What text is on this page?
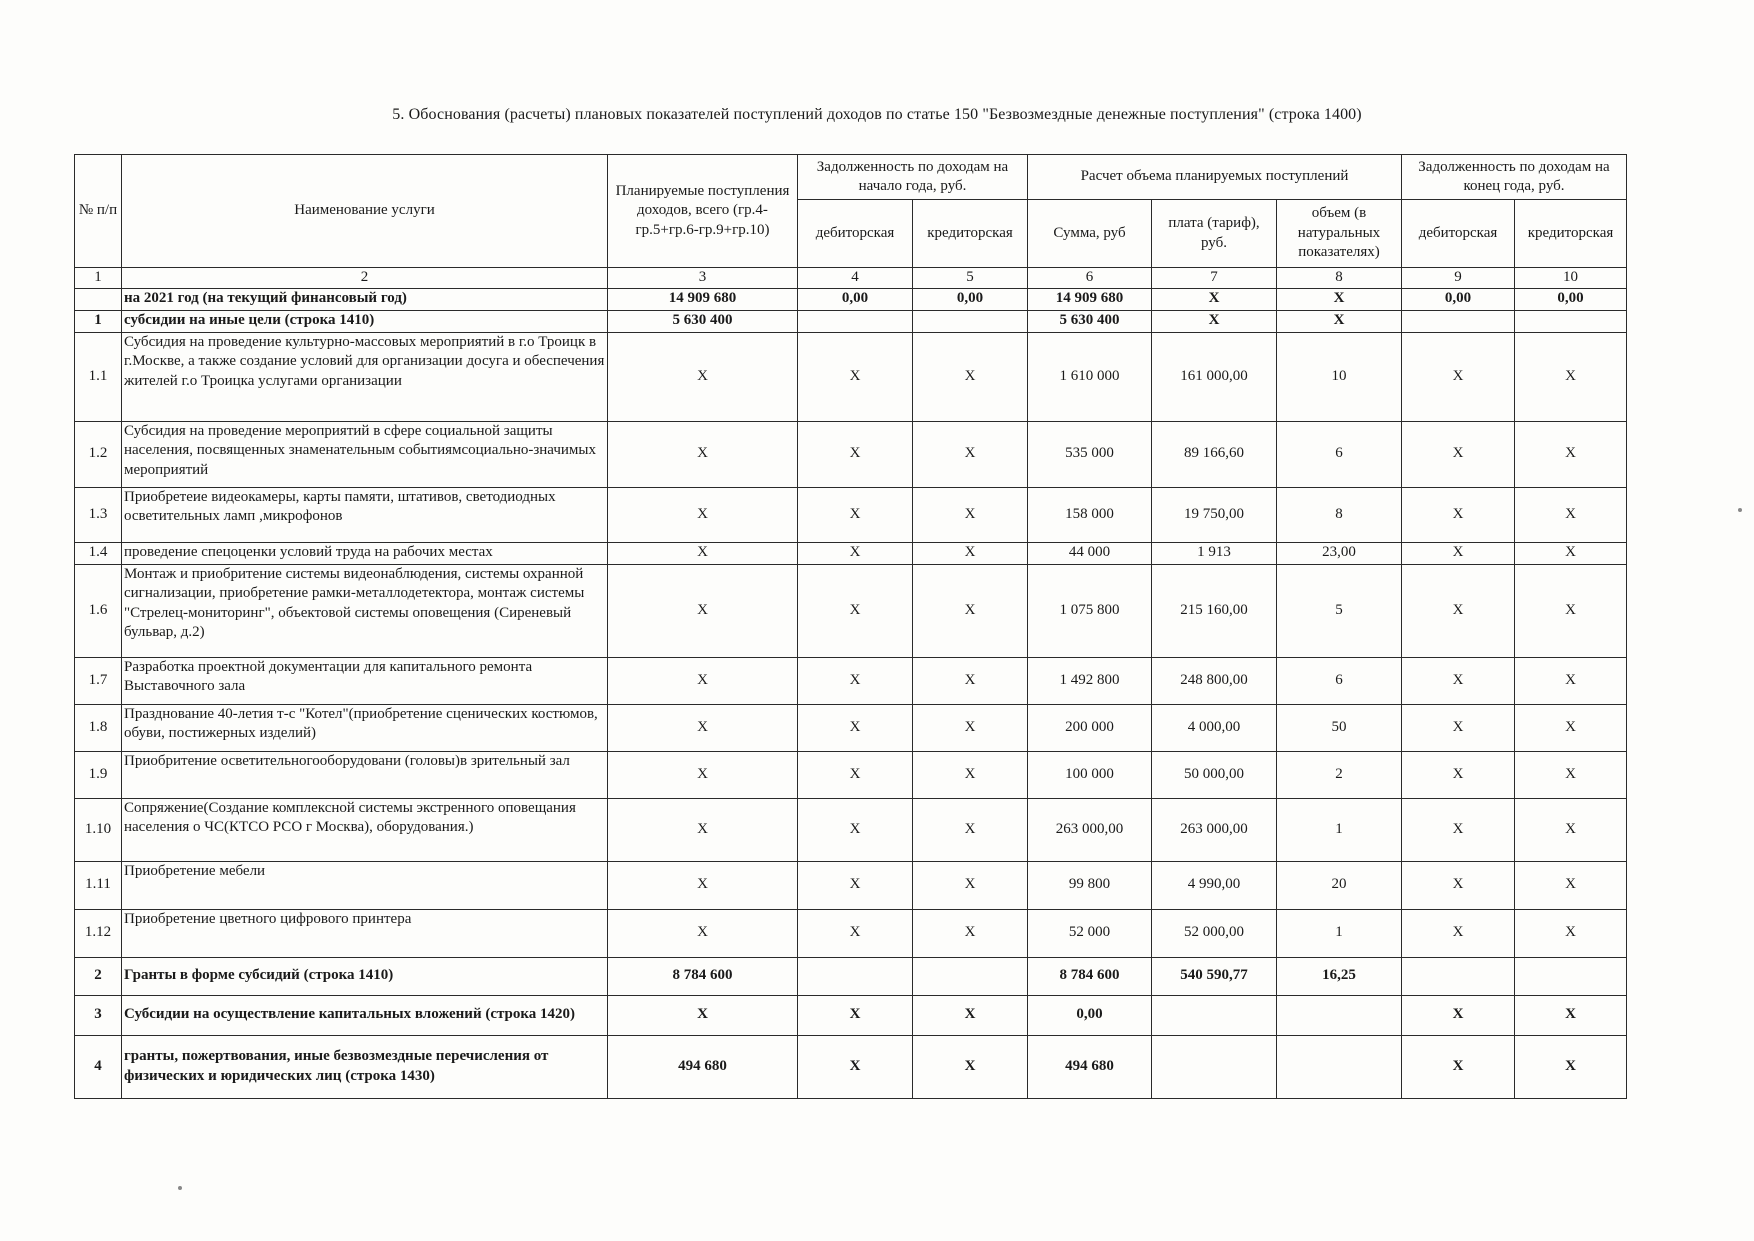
5. Обоснования (расчеты) плановых показателей поступлений доходов по статье 150 "Безвозмездные денежные поступления" (строка 1400)
№ п/п	Наименование услуги	Планируемые поступления доходов, всего (гр.4-гр.5+гр.6-гр.9+гр.10)	Задолженность по доходам на начало года, руб.		Расчет объема планируемых поступлений			Задолженность по доходам на конец года, руб.	
			дебиторская	кредиторская	Сумма, руб	плата (тариф), руб.	объем (в натуральных показателях)	дебиторская	кредиторская
1	2	3	4	5	6	7	8	9	10
	на 2021 год (на текущий финансовый год)	14 909 680	0,00	0,00	14 909 680	Х	Х	0,00	0,00
1	субсидии на иные цели (строка 1410)	5 630 400			5 630 400	Х	Х		
1.1	Субсидия на проведение культурно-массовых мероприятий в г.о Троицк в г.Москве, а также создание условий для организации досуга и обеспечения жителей г.о Троицка услугами организации	Х	Х	Х	1 610 000	161 000,00	10	Х	Х
1.2	Субсидия на проведение мероприятий в сфере социальной защиты населения, посвященных знаменательным событиямсоциально-значимых мероприятий	Х	Х	Х	535 000	89 166,60	6	Х	Х
1.3	Приобретеие видеокамеры, карты памяти, штативов, светодиодных осветительных ламп ,микрофонов	Х	Х	Х	158 000	19 750,00	8	Х	Х
1.4	проведение спецоценки условий труда на рабочих местах	Х	Х	Х	44 000	1 913	23,00	Х	Х
1.6	Монтаж и приобритение системы видеонаблюдения, системы охранной сигнализации, приобретение рамки-металлодетектора, монтаж системы "Стрелец-мониторинг", объектовой системы оповещения (Сиреневый бульвар, д.2)	Х	Х	Х	1 075 800	215 160,00	5	Х	Х
1.7	Разработка проектной документации для капитального ремонта Выставочного зала	Х	Х	Х	1 492 800	248 800,00	6	Х	Х
1.8	Празднование 40-летия т-с "Котел"(приобретение сценических костюмов, обуви, постижерных изделий)	Х	Х	Х	200 000	4 000,00	50	Х	Х
1.9	Приобритение осветительногооборудовани (головы)в зрительный зал	Х	Х	Х	100 000	50 000,00	2	Х	Х
1.10	Сопряжение(Создание комплексной системы экстренного оповещания населения о ЧС(КТСО РСО г Москва), оборудования.)	Х	Х	Х	263 000,00	263 000,00	1	Х	Х
1.11	Приобретение мебели	Х	Х	Х	99 800	4 990,00	20	Х	Х
1.12	Приобретение цветного цифрового принтера	Х	Х	Х	52 000	52 000,00	1	Х	Х
2	Гранты в форме субсидий (строка 1410)	8 784 600			8 784 600	540 590,77	16,25		
3	Субсидии на осуществление капитальных вложений (строка 1420)	Х	Х	Х	0,00			Х	Х
4	гранты, пожертвования, иные безвозмездные перечисления от физических и юридических лиц (строка 1430)	494 680	Х	Х	494 680			Х	Х
